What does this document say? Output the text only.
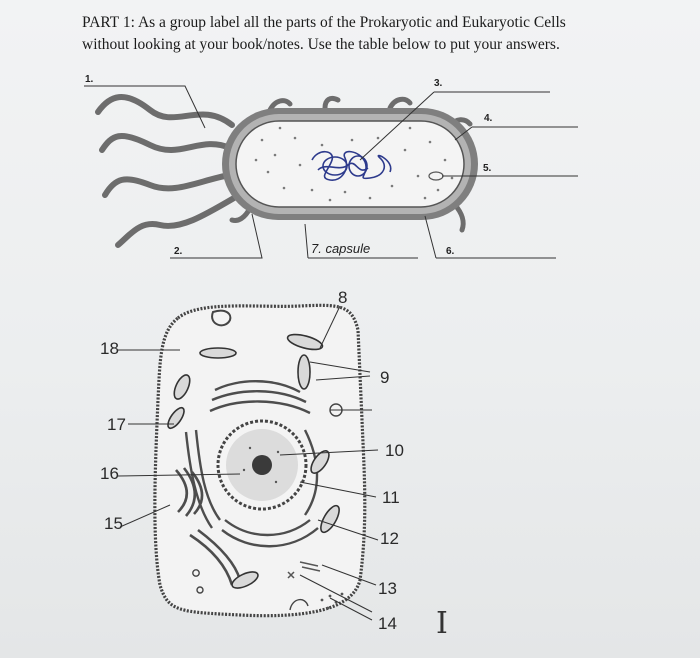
PART 1: As a group label all the parts of the Prokaryotic and Eukaryotic Cells
without looking at your book/notes. Use the table below to put your answers.
1.
2.
3.
4.
5.
6.
7. capsule
8
9
10
11
12
13
14
15
16
17
18
I
